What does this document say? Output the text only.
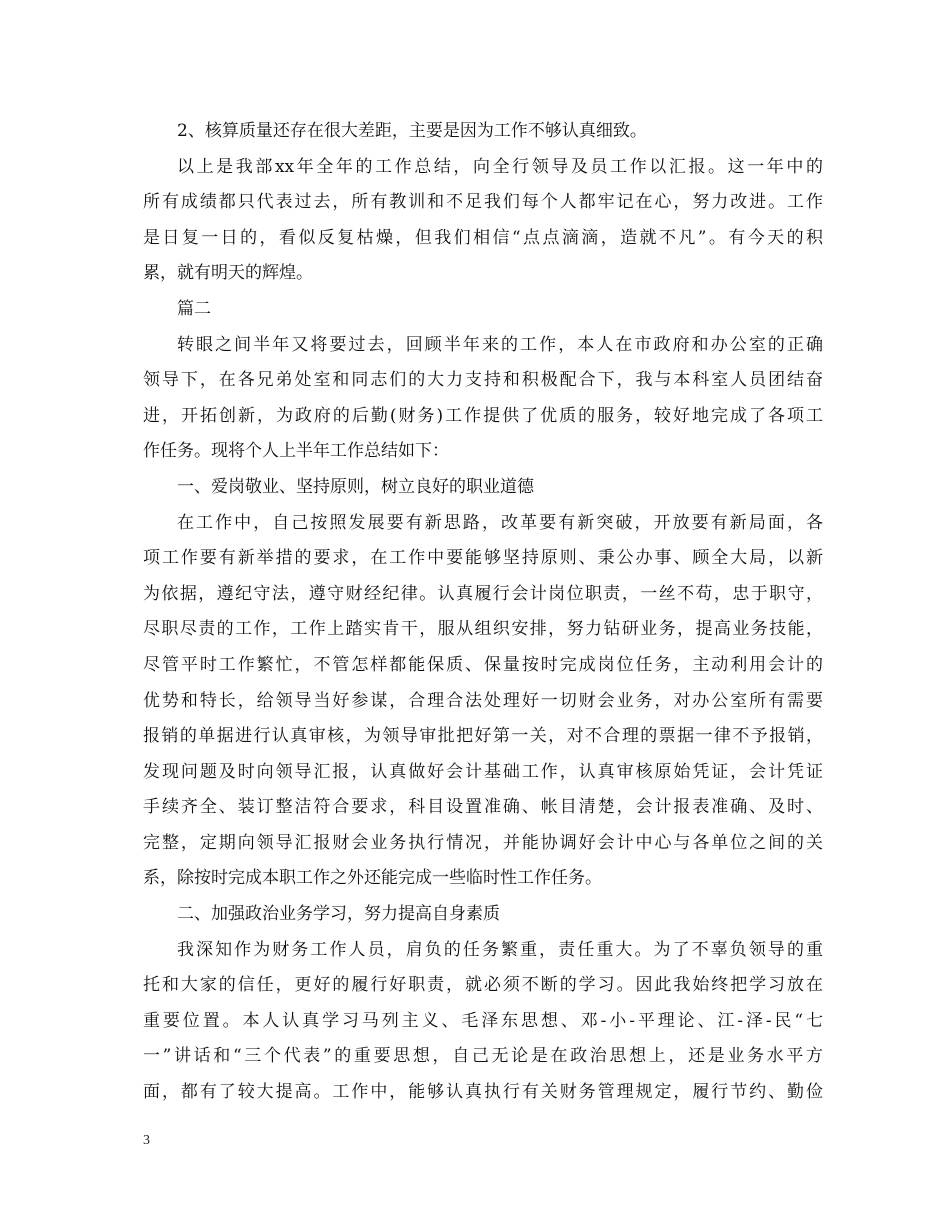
2、核算质量还存在很大差距，主要是因为工作不够认真细致。
以上是我部xx年全年的工作总结，向全行领导及员工作以汇报。这一年中的
所有成绩都只代表过去，所有教训和不足我们每个人都牢记在心，努力改进。工作
是日复一日的，看似反复枯燥，但我们相信“点点滴滴，造就不凡”。有今天的积
累，就有明天的辉煌。
篇二
转眼之间半年又将要过去，回顾半年来的工作，本人在市政府和办公室的正确
领导下，在各兄弟处室和同志们的大力支持和积极配合下，我与本科室人员团结奋
进，开拓创新，为政府的后勤(财务)工作提供了优质的服务，较好地完成了各项工
作任务。现将个人上半年工作总结如下：
一、爱岗敬业、坚持原则，树立良好的职业道德
在工作中，自己按照发展要有新思路，改革要有新突破，开放要有新局面，各
项工作要有新举措的要求，在工作中要能够坚持原则、秉公办事、顾全大局，以新
为依据，遵纪守法，遵守财经纪律。认真履行会计岗位职责，一丝不苟，忠于职守，
尽职尽责的工作，工作上踏实肯干，服从组织安排，努力钻研业务，提高业务技能，
尽管平时工作繁忙，不管怎样都能保质、保量按时完成岗位任务，主动利用会计的
优势和特长，给领导当好参谋，合理合法处理好一切财会业务，对办公室所有需要
报销的单据进行认真审核，为领导审批把好第一关，对不合理的票据一律不予报销，
发现问题及时向领导汇报，认真做好会计基础工作，认真审核原始凭证，会计凭证
手续齐全、装订整洁符合要求，科目设置准确、帐目清楚，会计报表准确、及时、
完整，定期向领导汇报财会业务执行情况，并能协调好会计中心与各单位之间的关
系，除按时完成本职工作之外还能完成一些临时性工作任务。
二、加强政治业务学习，努力提高自身素质
我深知作为财务工作人员，肩负的任务繁重，责任重大。为了不辜负领导的重
托和大家的信任，更好的履行好职责，就必须不断的学习。因此我始终把学习放在
重要位置。本人认真学习马列主义、毛泽东思想、邓-小-平理论、江-泽-民“七
一”讲话和“三个代表”的重要思想，自己无论是在政治思想上，还是业务水平方
面，都有了较大提高。工作中，能够认真执行有关财务管理规定，履行节约、勤俭
3
